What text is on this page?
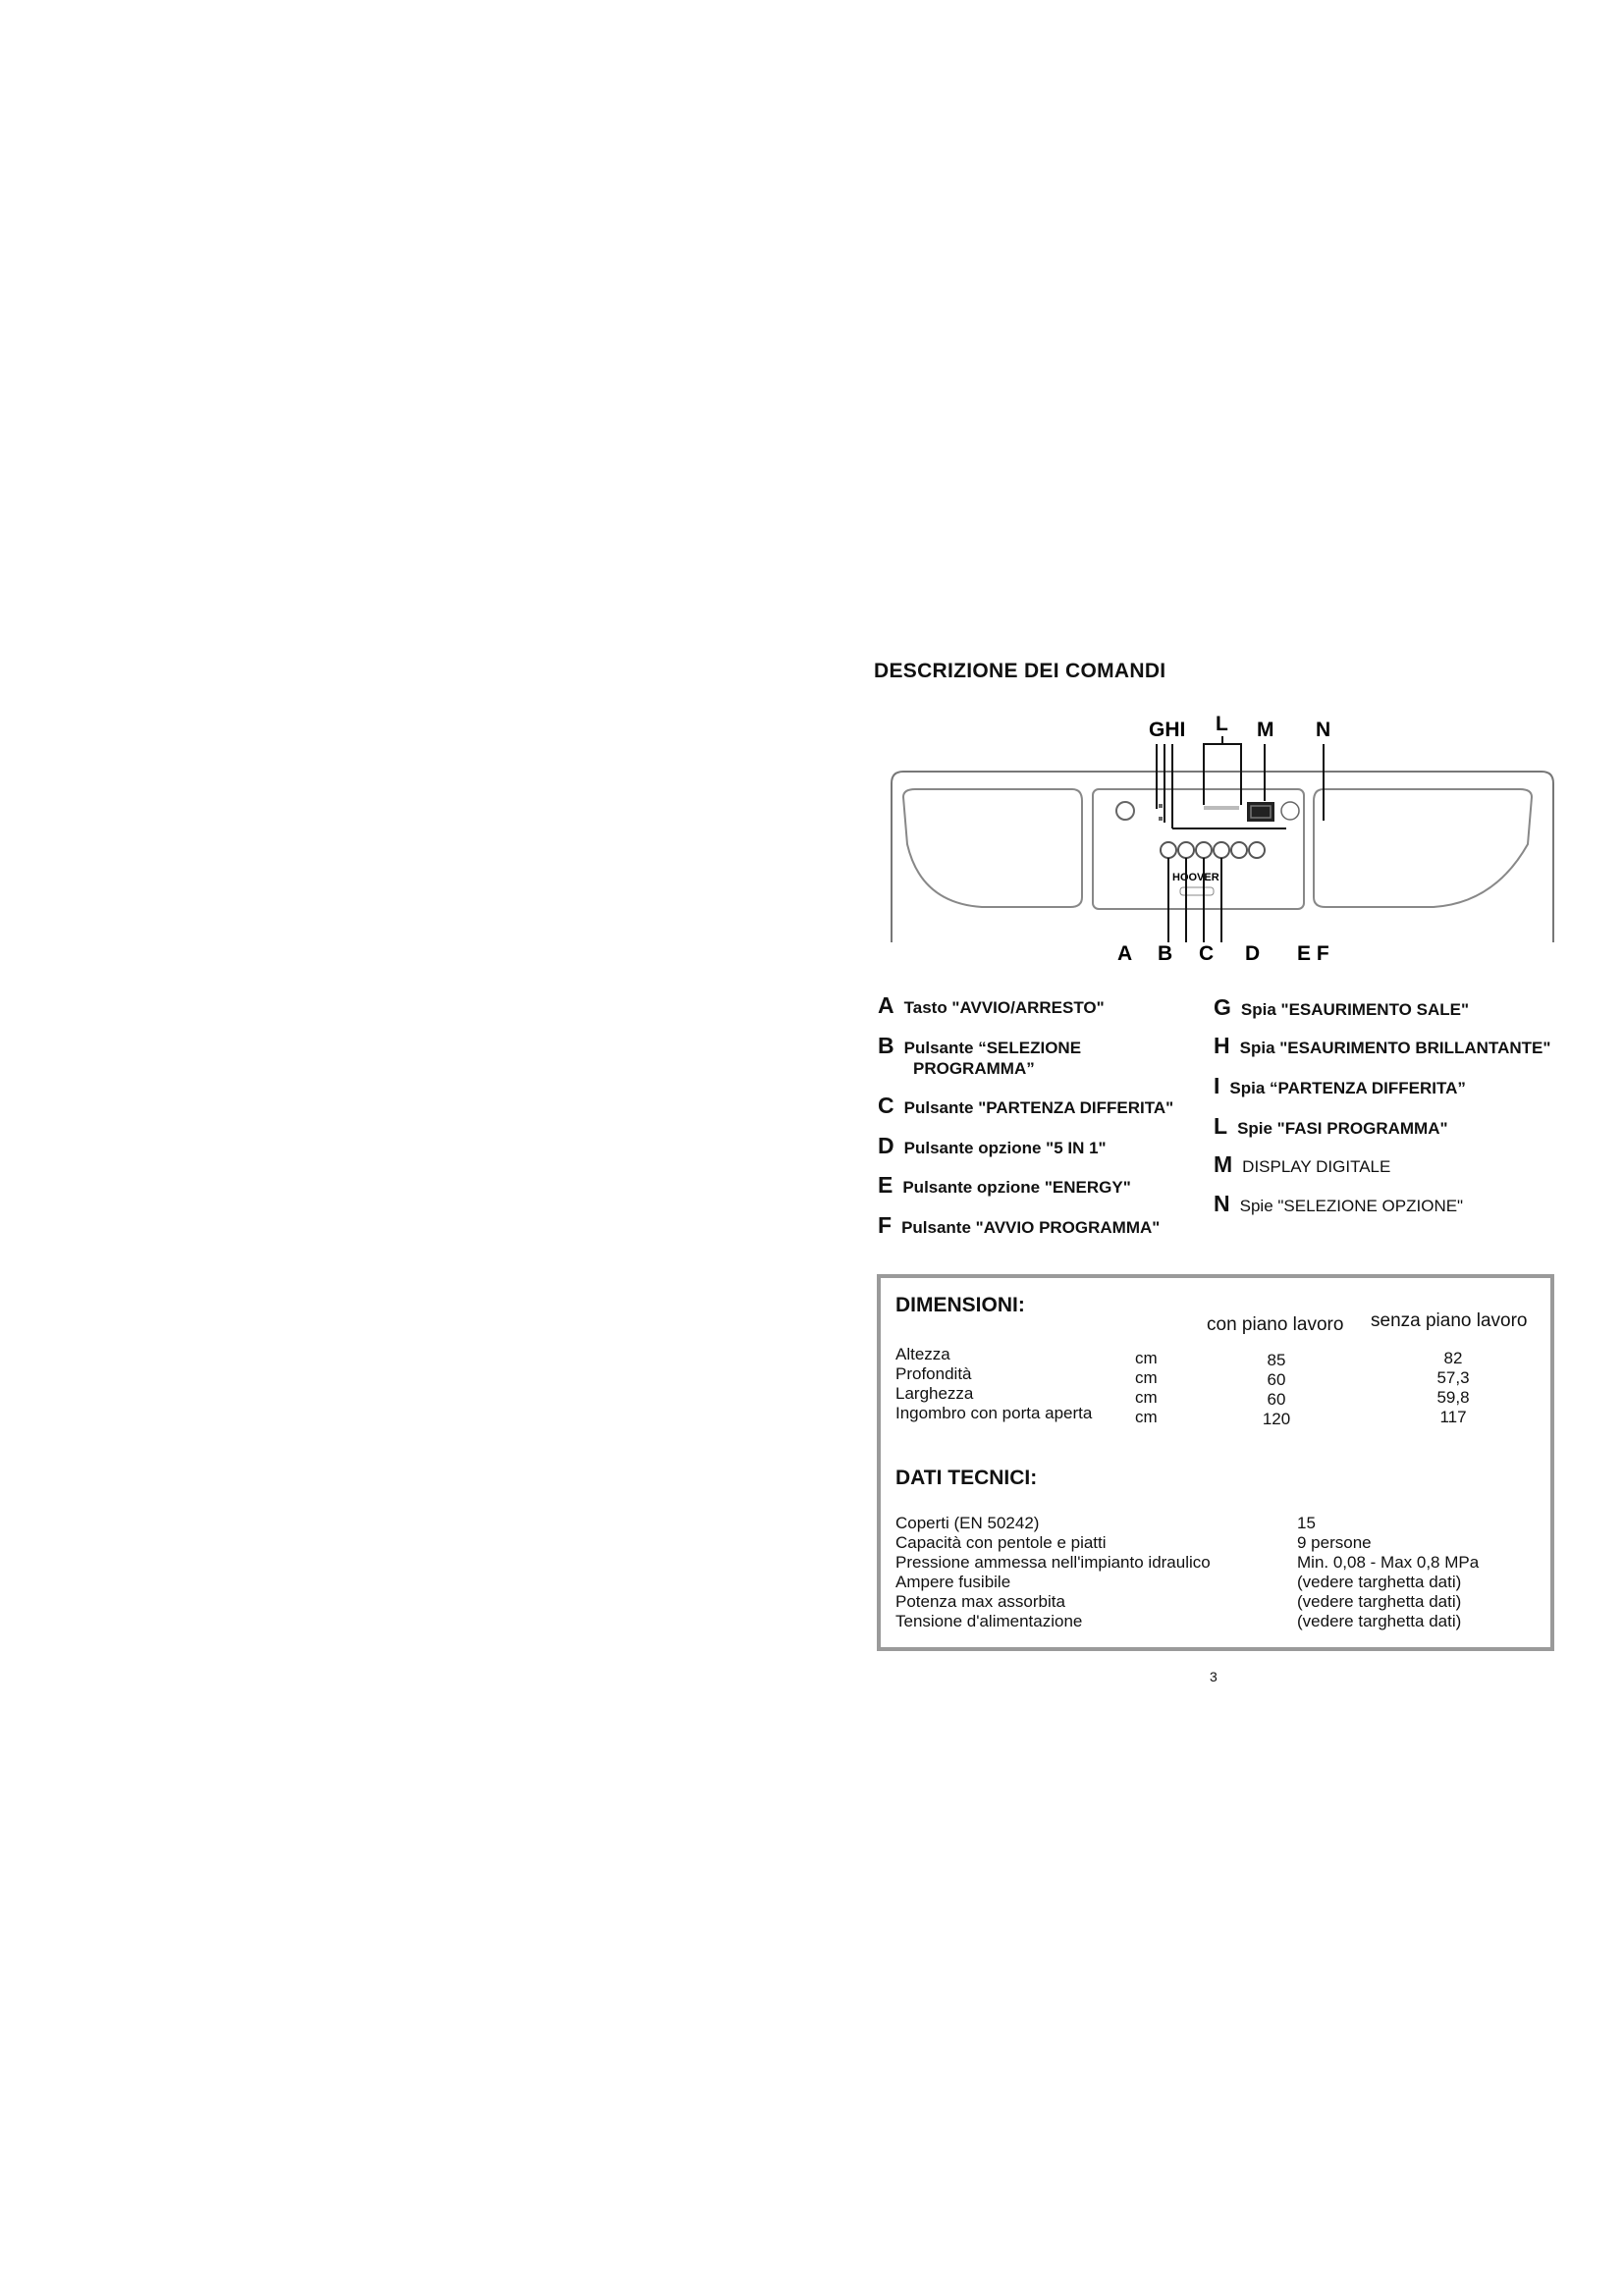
DESCRIZIONE DEI COMANDI
GHI L M N
HOOVER
A B C D E F
A Tasto "AVVIO/ARRESTO"
B Pulsante “SELEZIONE
PROGRAMMA”
C Pulsante "PARTENZA DIFFERITA"
D Pulsante opzione "5 IN 1"
E Pulsante opzione "ENERGY"
F Pulsante "AVVIO PROGRAMMA"
G Spia "ESAURIMENTO SALE"
H Spia "ESAURIMENTO BRILLANTANTE"
I Spia “PARTENZA DIFFERITA”
L Spie "FASI PROGRAMMA"
M DISPLAY DIGITALE
N Spie "SELEZIONE OPZIONE"
DIMENSIONI:
con piano lavoro senza piano lavoro
Altezza
Profondità
Larghezza
Ingombro con porta aperta
cm
cm
cm
cm
85
60
60
120
82
57,3
59,8
117
DATI TECNICI:
Coperti (EN 50242)
Capacità con pentole e piatti
Pressione ammessa nell'impianto idraulico
Ampere fusibile
Potenza max assorbita
Tensione d'alimentazione
15
9 persone
Min. 0,08 - Max 0,8 MPa
(vedere targhetta dati)
(vedere targhetta dati)
(vedere targhetta dati)
3
